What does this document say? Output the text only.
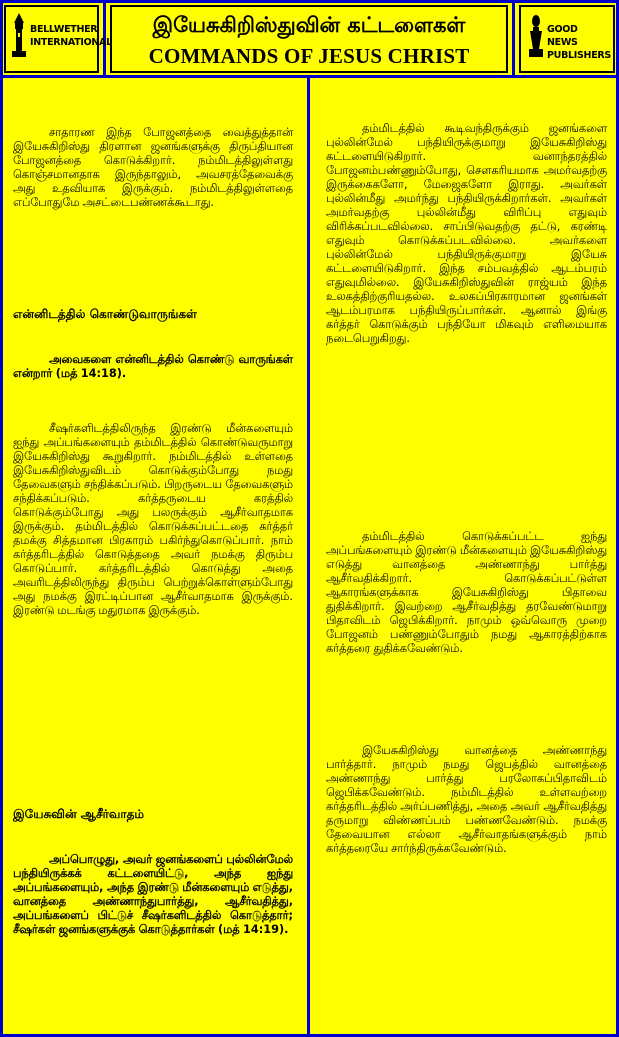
BELLWETHER
INTERNATIONAL
இயேசுகிறிஸ்துவின் கட்டளைகள்
COMMANDS OF JESUS CHRIST
GOOD NEWS
PUBLISHERS

சாதாரண இந்த போஜனத்தை வைத்துத்தான் இயேசுகிறிஸ்து திரளான ஜனங்களுக்கு திருப்தியான போஜனத்தை கொடுக்கிறார். நம்மிடத்திலுள்ளது கொஞ்சமானதாக இருந்தாலும், அவசரத்தேவைக்கு அது உதவியாக இருக்கும். நம்மிடத்திலுள்ளதை எப்போதுமே அசட்டைபண்ணக்கூடாது.

என்னிடத்தில் கொண்டுவாருங்கள்

அவைகளை என்னிடத்தில் கொண்டு வாருங்கள் என்றார் (மத் 14:18).

சீஷர்களிடத்திலிருந்த இரண்டு மீன்களையும் ஐந்து அப்பங்களையும் தம்மிடத்தில் கொண்டுவருமாறு இயேசுகிறிஸ்து கூறுகிறார். நம்மிடத்தில் உள்ளதை இயேசுகிறிஸ்துவிடம் கொடுக்கும்போது நமது தேவைகளும் சந்திக்கப்படும். பிறருடைய தேவைகளும் சந்திக்கப்படும். கர்த்தருடைய கரத்தில் கொடுக்கும்போது அது பலருக்கும் ஆசீர்வாதமாக இருக்கும். தம்மிடத்தில் கொடுக்கப்பட்டதை கர்த்தர் தமக்கு சித்தமான பிரகாரம் பகிர்ந்துகொடுப்பார். நாம் கர்த்தரிடத்தில் கொடுத்ததை அவர் நமக்கு திரும்ப கொடுப்பார். கர்த்தரிடத்தில் கொடுத்து அதை அவரிடத்திலிருந்து திரும்ப பெற்றுக்கொள்ளும்போது அது நமக்கு இரட்டிப்பான ஆசீர்வாதமாக இருக்கும். இரண்டு மடங்கு மதுரமாக இருக்கும்.

இயேசுவின் ஆசீர்வாதம்

அப்பொழுது, அவர் ஜனங்களைப் புல்லின்மேல் பந்தியிருக்கக் கட்டளையிட்டு, அந்த ஐந்து அப்பங்களையும், அந்த இரண்டு மீன்களையும் எடுத்து, வானத்தை அண்ணாந்துபார்த்து, ஆசீர்வதித்து, அப்பங்களைப் பிட்டுச் சீஷர்களிடத்தில் கொடுத்தார்; சீஷர்கள் ஜனங்களுக்குக் கொடுத்தார்கள் (மத் 14:19).

தம்மிடத்தில் கூடிவந்திருக்கும் ஜனங்களை புல்லின்மேல் பந்தியிருக்குமாறு இயேசுகிறிஸ்து கட்டளையிடுகிறார். வனாந்தரத்தில் போஜனம்பண்ணும்போது, சௌகரியமாக அமர்வதற்கு இருக்கைகளோ, மேஜைகளோ இராது. அவர்கள் புல்லின்மீது அமர்ந்து பந்தியிருக்கிறார்கள். அவர்கள் அமர்வதற்கு புல்லின்மீது விரிப்பு எதுவும் விரிக்கப்படவில்லை. சாப்பிடுவதற்கு தட்டு, கரண்டி எதுவும் கொடுக்கப்படவில்லை. அவர்களை புல்லின்மேல் பந்தியிருக்குமாறு இயேசு கட்டளையிடுகிறார். இந்த சம்பவத்தில் ஆடம்பரம் எதுவுமில்லை. இயேசுகிறிஸ்துவின் ராஜ்யம் இந்த உலகத்திற்குரியதல்ல. உலகப்பிரகாரமான ஜனங்கள் ஆடம்பரமாக பந்தியிருப்பார்கள். ஆனால் இங்கு கர்த்தர் கொடுக்கும் பந்தியோ மிகவும் எளிமையாக நடைபெறுகிறது.

தம்மிடத்தில் கொடுக்கப்பட்ட ஐந்து அப்பங்களையும் இரண்டு மீன்களையும் இயேசுகிறிஸ்து எடுத்து வானத்தை அண்ணாந்து பார்த்து ஆசீர்வதிக்கிறார். கொடுக்கப்பட்டுள்ள ஆகாரங்களுக்காக இயேசுகிறிஸ்து பிதாவை துதிக்கிறார். இவற்றை ஆசீர்வதித்து தரவேண்டுமாறு பிதாவிடம் ஜெபிக்கிறார். நாமும் ஒவ்வொரு முறை போஜனம் பண்ணும்போதும் நமது ஆகாரத்திற்காக கர்த்தரை துதிக்கவேண்டும்.

இயேசுகிறிஸ்து வானத்தை அண்ணாந்து பார்த்தார். நாமும் நமது ஜெபத்தில் வானத்தை அண்ணாந்து பார்த்து பரலோகப்பிதாவிடம் ஜெபிக்கவேண்டும். நம்மிடத்தில் உள்ளவற்றை கர்த்தரிடத்தில் அர்ப்பணித்து, அதை அவர் ஆசீர்வதித்து தருமாறு விண்ணப்பம் பண்ணவேண்டும். நமக்கு தேவையான எல்லா ஆசீர்வாதங்களுக்கும் நாம் கர்த்தரையே சார்ந்திருக்கவேண்டும்.
